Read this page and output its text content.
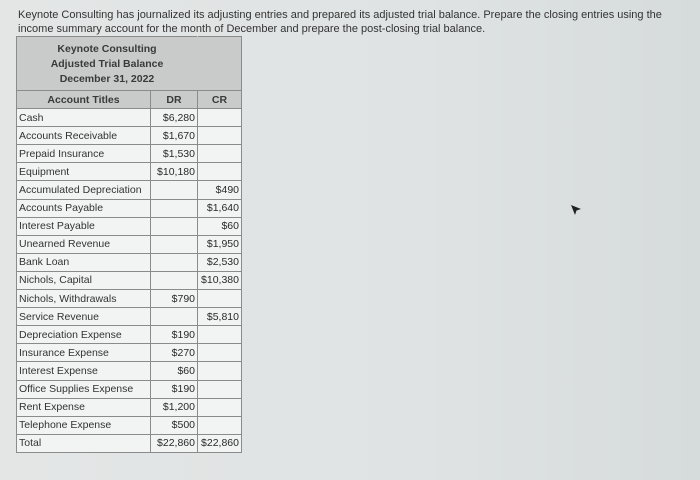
Keynote Consulting has journalized its adjusting entries and prepared its adjusted trial balance. Prepare the closing entries using the income summary account for the month of December and prepare the post-closing trial balance.
Keynote Consulting
Adjusted Trial Balance
December 31, 2022		

Account Titles	DR	CR
Cash	$6,280	
Accounts Receivable	$1,670	
Prepaid Insurance	$1,530	
Equipment	$10,180	
Accumulated Depreciation		$490
Accounts Payable		$1,640
Interest Payable		$60
Unearned Revenue		$1,950
Bank Loan		$2,530
Nichols, Capital		$10,380
Nichols, Withdrawals	$790	
Service Revenue		$5,810
Depreciation Expense	$190	
Insurance Expense	$270	
Interest Expense	$60	
Office Supplies Expense	$190	
Rent Expense	$1,200	
Telephone Expense	$500	
Total	$22,860	$22,860
